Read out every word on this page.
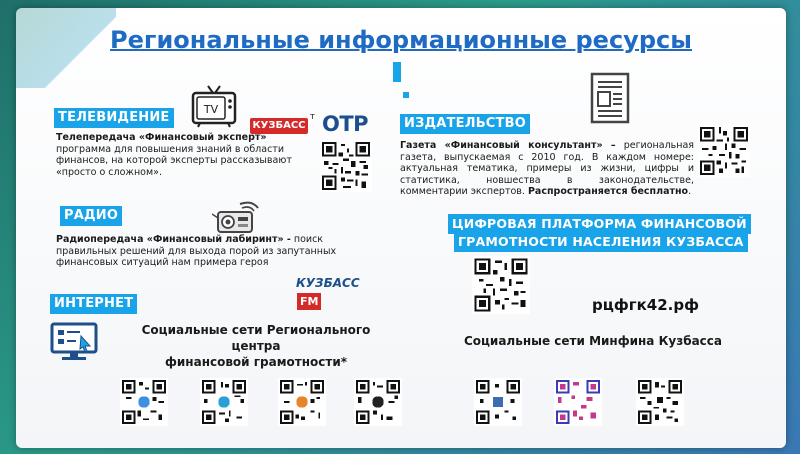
Региональные информационные ресурсы
ТЕЛЕВИДЕНИЕ
TV
КУЗБАСС
т ОТР
Телепередача «Финансовый эксперт» программа для повышения знаний в области финансов, на которой эксперты рассказывают «просто о сложном».
ИЗДАТЕЛЬСТВО
Газета «Финансовый консультант» – региональная газета, выпускаемая с 2010 год. В каждом номере: актуальная тематика, примеры из жизни, цифры и статистика, новшества в законодательстве, комментарии экспертов. Распространяется бесплатно.
РАДИО
Радиопередача «Финансовый лабиринт» - поиск правильных решений для выхода порой из запутанных финансовых ситуаций нам примера героя
КУЗБАССFM
ЦИФРОВАЯ ПЛАТФОРМА ФИНАНСОВОЙ
ГРАМОТНОСТИ НАСЕЛЕНИЯ КУЗБАССА
рцфгк42.рф
ИНТЕРНЕТ
Социальные сети Регионального центра
финансовой грамотности*
Социальные сети Минфина Кузбасса
